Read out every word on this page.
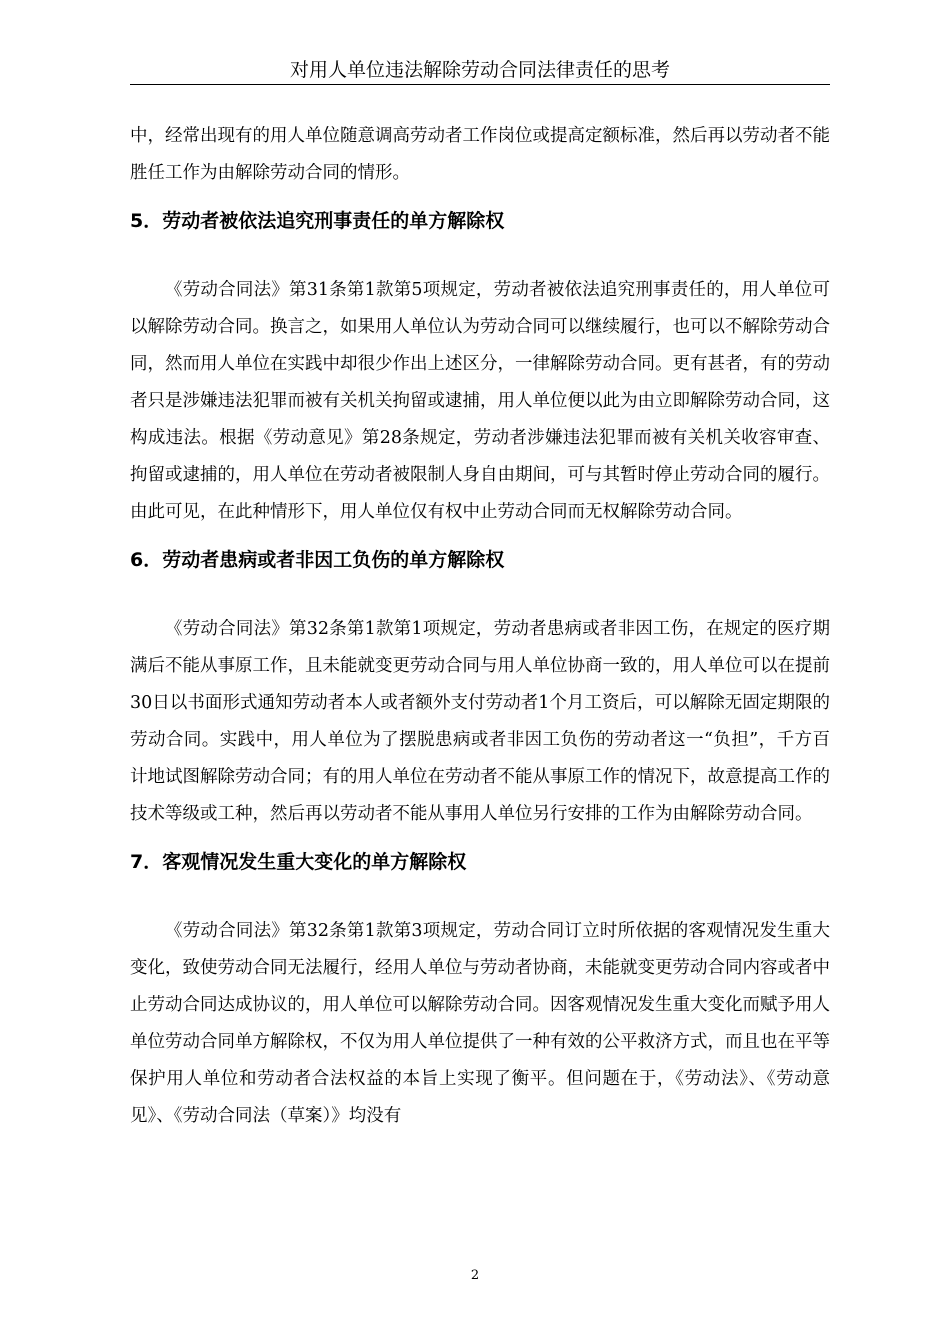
对用人单位违法解除劳动合同法律责任的思考

中，经常出现有的用人单位随意调高劳动者工作岗位或提高定额标准，然后再以劳动者不能胜任工作为由解除劳动合同的情形。

5．劳动者被依法追究刑事责任的单方解除权

《劳动合同法》第31条第1款第5项规定，劳动者被依法追究刑事责任的，用人单位可以解除劳动合同。换言之，如果用人单位认为劳动合同可以继续履行，也可以不解除劳动合同，然而用人单位在实践中却很少作出上述区分，一律解除劳动合同。更有甚者，有的劳动者只是涉嫌违法犯罪而被有关机关拘留或逮捕，用人单位便以此为由立即解除劳动合同，这构成违法。根据《劳动意见》第28条规定，劳动者涉嫌违法犯罪而被有关机关收容审查、拘留或逮捕的，用人单位在劳动者被限制人身自由期间，可与其暂时停止劳动合同的履行。由此可见，在此种情形下，用人单位仅有权中止劳动合同而无权解除劳动合同。

6．劳动者患病或者非因工负伤的单方解除权

《劳动合同法》第32条第1款第1项规定，劳动者患病或者非因工伤，在规定的医疗期满后不能从事原工作，且未能就变更劳动合同与用人单位协商一致的，用人单位可以在提前30日以书面形式通知劳动者本人或者额外支付劳动者1个月工资后，可以解除无固定期限的劳动合同。实践中，用人单位为了摆脱患病或者非因工负伤的劳动者这一“负担”，千方百计地试图解除劳动合同；有的用人单位在劳动者不能从事原工作的情况下，故意提高工作的技术等级或工种，然后再以劳动者不能从事用人单位另行安排的工作为由解除劳动合同。

7．客观情况发生重大变化的单方解除权

《劳动合同法》第32条第1款第3项规定，劳动合同订立时所依据的客观情况发生重大变化，致使劳动合同无法履行，经用人单位与劳动者协商，未能就变更劳动合同内容或者中止劳动合同达成协议的，用人单位可以解除劳动合同。因客观情况发生重大变化而赋予用人单位劳动合同单方解除权，不仅为用人单位提供了一种有效的公平救济方式，而且也在平等保护用人单位和劳动者合法权益的本旨上实现了衡平。但问题在于，《劳动法》、《劳动意见》、《劳动合同法（草案）》均没有

2
